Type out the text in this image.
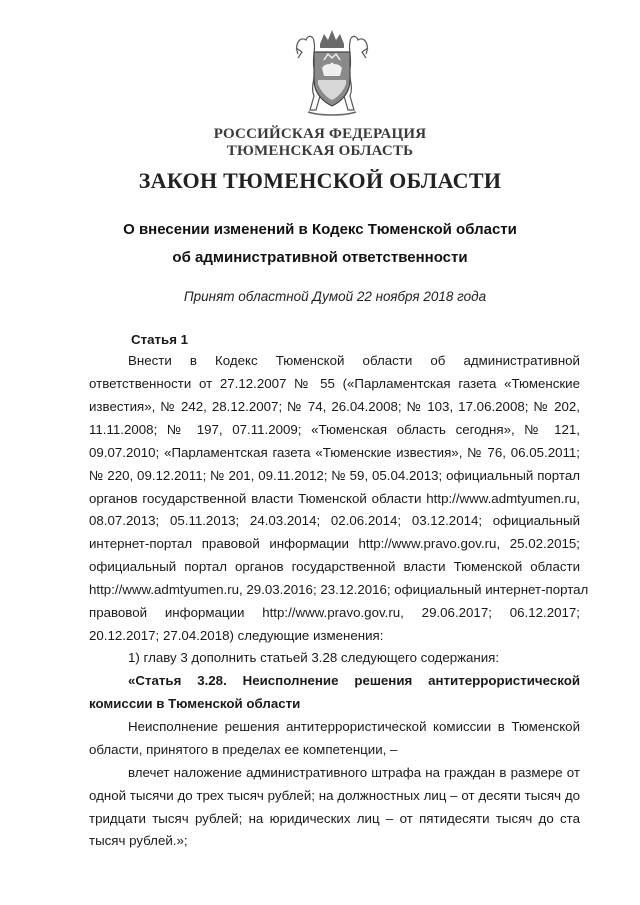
РОССИЙСКАЯ ФЕДЕРАЦИЯ
ТЮМЕНСКАЯ ОБЛАСТЬ
ЗАКОН ТЮМЕНСКОЙ ОБЛАСТИ
О внесении изменений в Кодекс Тюменской области
об административной ответственности
Принят областной Думой 22 ноября 2018 года
Статья 1
Внести в Кодекс Тюменской области об административной
ответственности от 27.12.2007 № 55 («Парламентская газета «Тюменские
известия», № 242, 28.12.2007; № 74, 26.04.2008; № 103, 17.06.2008; № 202,
11.11.2008; № 197, 07.11.2009; «Тюменская область сегодня», № 121,
09.07.2010; «Парламентская газета «Тюменские известия», № 76, 06.05.2011;
№ 220, 09.12.2011; № 201, 09.11.2012; № 59, 05.04.2013; официальный портал
органов государственной власти Тюменской области http://www.admtyumen.ru,
08.07.2013; 05.11.2013; 24.03.2014; 02.06.2014; 03.12.2014; официальный
интернет-портал правовой информации http://www.pravo.gov.ru, 25.02.2015;
официальный портал органов государственной власти Тюменской области
http://www.admtyumen.ru, 29.03.2016; 23.12.2016; официальный интернет-портал
правовой информации http://www.pravo.gov.ru, 29.06.2017; 06.12.2017;
20.12.2017; 27.04.2018) следующие изменения:
1) главу 3 дополнить статьей 3.28 следующего содержания:
«Статья 3.28. Неисполнение решения антитеррористической
комиссии в Тюменской области
Неисполнение решения антитеррористической комиссии в Тюменской
области, принятого в пределах ее компетенции, –
влечет наложение административного штрафа на граждан в размере от
одной тысячи до трех тысяч рублей; на должностных лиц – от десяти тысяч до
тридцати тысяч рублей; на юридических лиц – от пятидесяти тысяч до ста
тысяч рублей.»;
